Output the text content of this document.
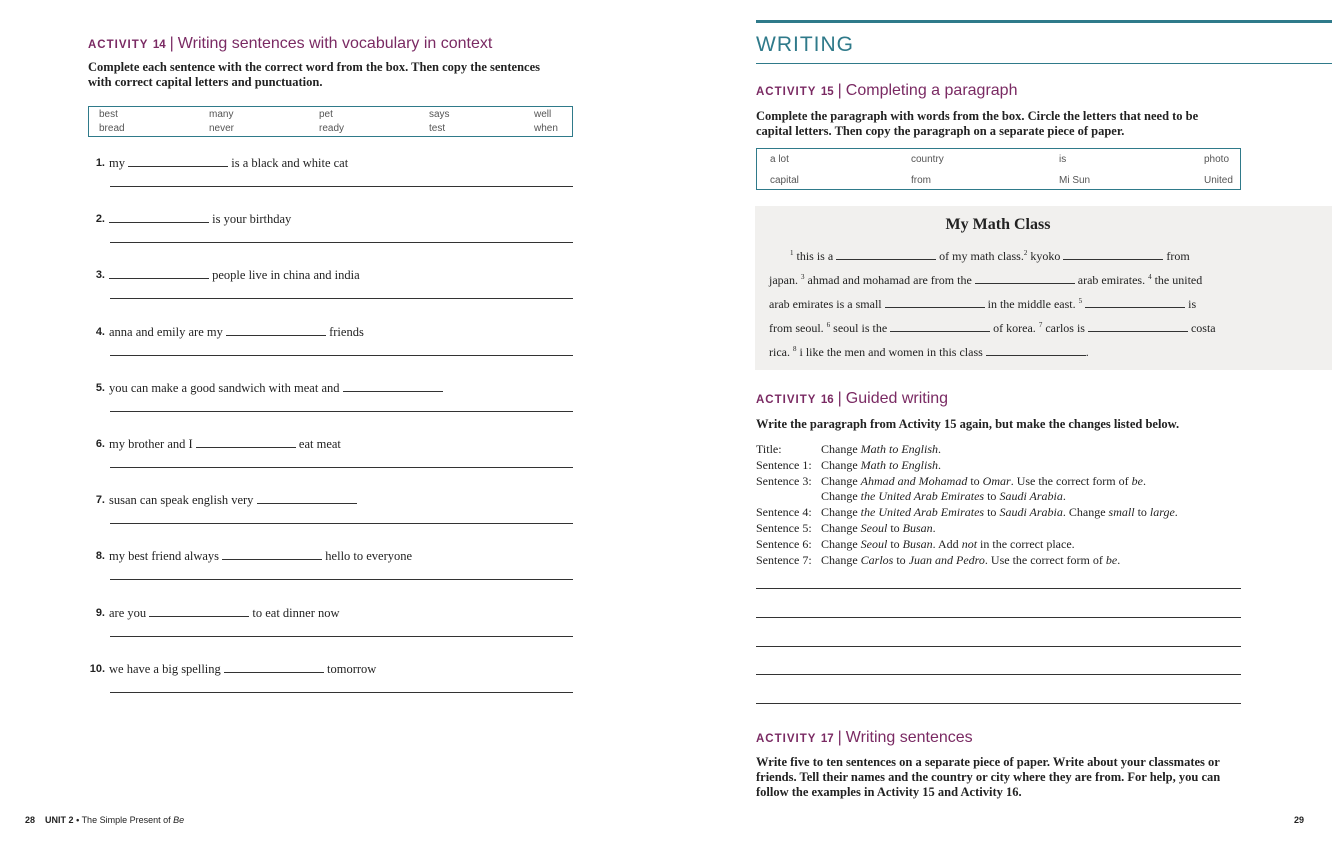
ACTIVITY 14 | Writing sentences with vocabulary in context
Complete each sentence with the correct word from the box. Then copy the sentences with correct capital letters and punctuation.
best	many	pet	says	well
bread	never	ready	test	when
1. my	is a black and white cat
2.	is your birthday
3.	people live in china and india
4. anna and emily are my	friends
5. you can make a good sandwich with meat and
6. my brother and I	eat meat
7. susan can speak english very
8. my best friend always	hello to everyone
9. are you	to eat dinner now
10. we have a big spelling	tomorrow
28 UNIT 2 • The Simple Present of Be
WRITING
ACTIVITY 15 | Completing a paragraph
Complete the paragraph with words from the box. Circle the letters that need to be capital letters. Then copy the paragraph on a separate piece of paper.
a lot	country	is	photo
capital	from	Mi Sun	United
My Math Class
$^1$ this is a	of my math class.$^2$ kyoko	from
japan. $^3$ ahmad and mohamad are from the	arab emirates. $^4$ the united
arab emirates is a small	in the middle east. $^5$	is
from seoul. $^6$ seoul is the	of korea. $^7$ carlos is	costa
rica. $^8$ i like the men and women in this class	.
ACTIVITY 16 | Guided writing
Write the paragraph from Activity 15 again, but make the changes listed below.
Title:	Change Math to English.
Sentence 1: Change Math to English.
Sentence 3: Change Ahmad and Mohamad to Omar. Use the correct form of be.
Change the United Arab Emirates to Saudi Arabia.
Sentence 4: Change the United Arab Emirates to Saudi Arabia. Change small to large.
Sentence 5: Change Seoul to Busan.
Sentence 6: Change Seoul to Busan. Add not in the correct place.
Sentence 7: Change Carlos to Juan and Pedro. Use the correct form of be.
ACTIVITY 17 | Writing sentences
Write five to ten sentences on a separate piece of paper. Write about your classmates or friends. Tell their names and the country or city where they are from. For help, you can follow the examples in Activity 15 and Activity 16.
29
